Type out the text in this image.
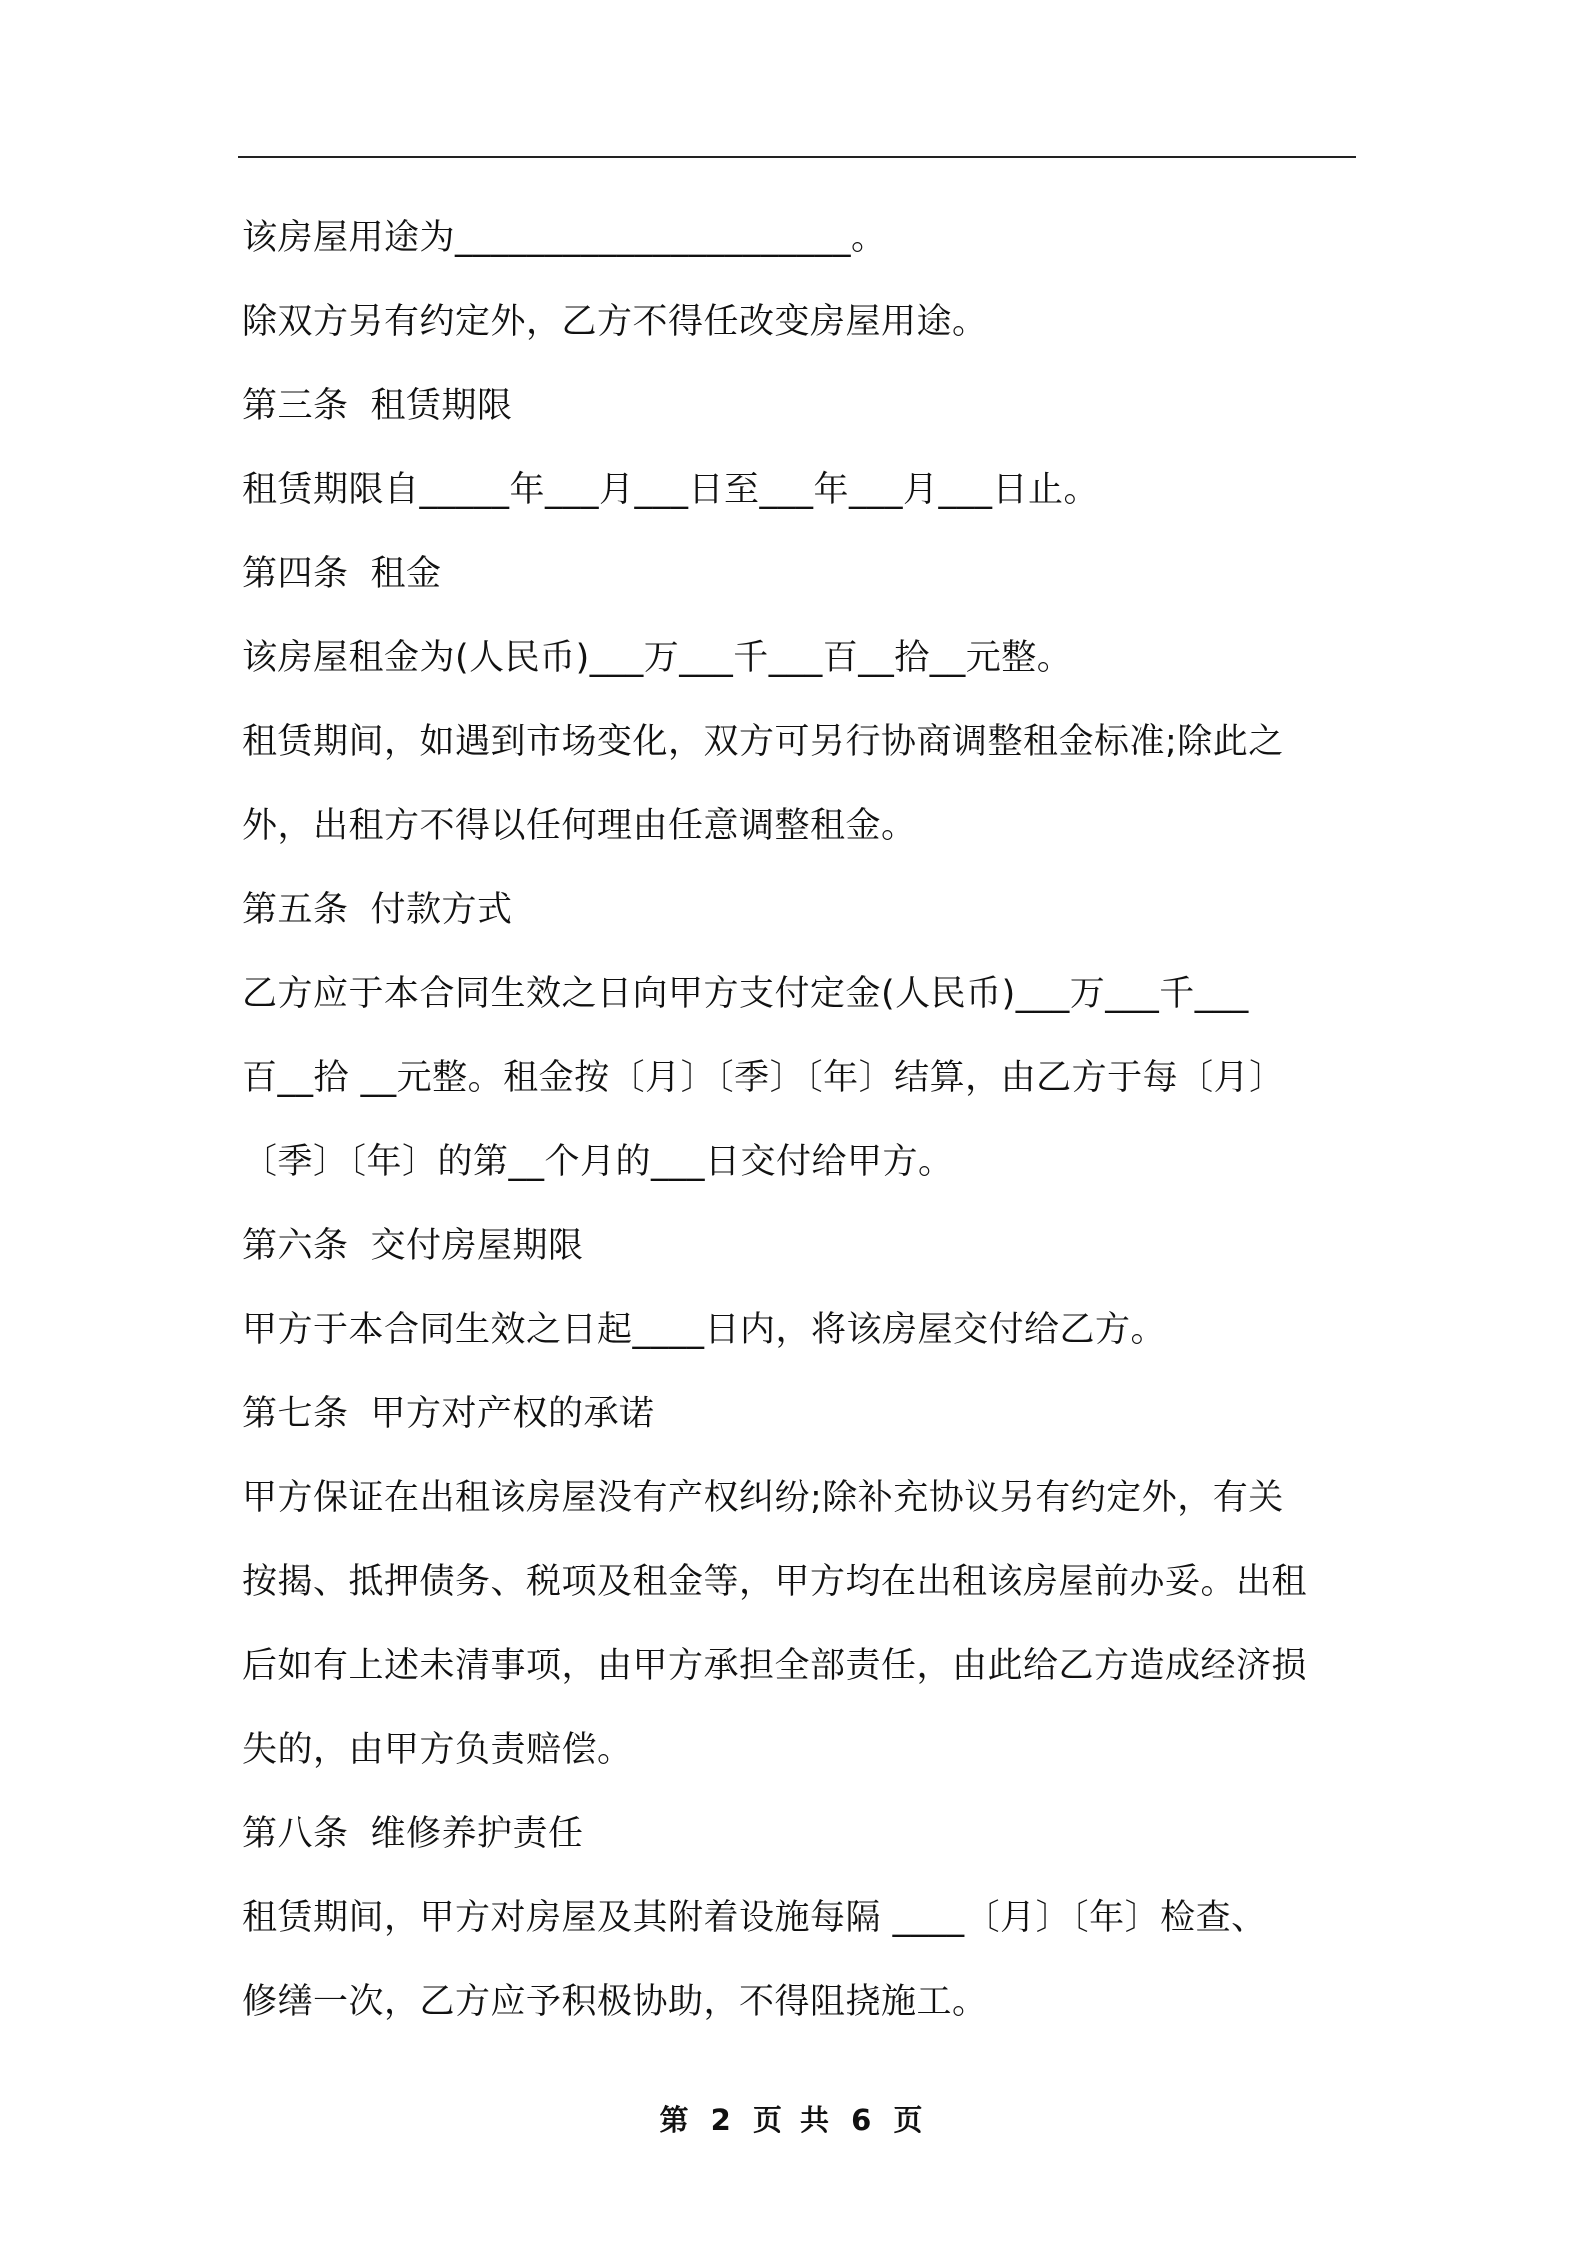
该房屋用途为______________________。
除双方另有约定外，乙方不得任改变房屋用途。
第三条 租赁期限
租赁期限自_____年___月___日至___年___月___日止。
第四条 租金
该房屋租金为(人民币)___万___千___百__拾__元整。
租赁期间，如遇到市场变化，双方可另行协商调整租金标准;除此之
外，出租方不得以任何理由任意调整租金。
第五条 付款方式
乙方应于本合同生效之日向甲方支付定金(人民币)___万___千___
百__拾 __元整。租金按〔月〕〔季〕〔年〕结算，由乙方于每〔月〕
〔季〕〔年〕的第__个月的___日交付给甲方。
第六条 交付房屋期限
甲方于本合同生效之日起____日内，将该房屋交付给乙方。
第七条 甲方对产权的承诺
甲方保证在出租该房屋没有产权纠纷;除补充协议另有约定外，有关
按揭、抵押债务、税项及租金等，甲方均在出租该房屋前办妥。出租
后如有上述未清事项，由甲方承担全部责任，由此给乙方造成经济损
失的，由甲方负责赔偿。
第八条 维修养护责任
租赁期间，甲方对房屋及其附着设施每隔 ____〔月〕〔年〕检查、
修缮一次，乙方应予积极协助，不得阻挠施工。
第 2 页 共 6 页
